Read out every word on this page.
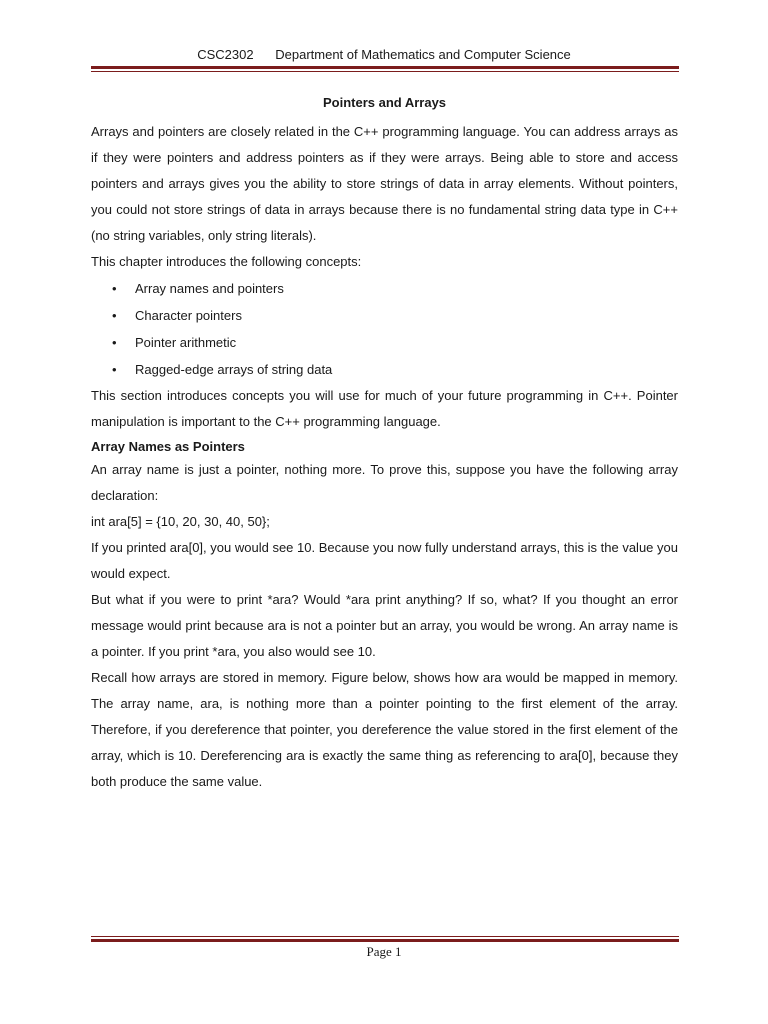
CSC2302 Department of Mathematics and Computer Science
Pointers and Arrays

Arrays and pointers are closely related in the C++ programming language. You can address arrays as if they were pointers and address pointers as if they were arrays. Being able to store and access pointers and arrays gives you the ability to store strings of data in array elements. Without pointers, you could not store strings of data in arrays because there is no fundamental string data type in C++ (no string variables, only string literals).

This chapter introduces the following concepts:

• Array names and pointers
• Character pointers
• Pointer arithmetic
• Ragged-edge arrays of string data

This section introduces concepts you will use for much of your future programming in C++. Pointer manipulation is important to the C++ programming language.

Array Names as Pointers

An array name is just a pointer, nothing more. To prove this, suppose you have the following array declaration:

int ara[5] = {10, 20, 30, 40, 50};

If you printed ara[0], you would see 10. Because you now fully understand arrays, this is the value you would expect.

But what if you were to print *ara? Would *ara print anything? If so, what? If you thought an error message would print because ara is not a pointer but an array, you would be wrong. An array name is a pointer. If you print *ara, you also would see 10.

Recall how arrays are stored in memory. Figure below, shows how ara would be mapped in memory. The array name, ara, is nothing more than a pointer pointing to the first element of the array. Therefore, if you dereference that pointer, you dereference the value stored in the first element of the array, which is 10. Dereferencing ara is exactly the same thing as referencing to ara[0], because they both produce the same value.

Page 1
